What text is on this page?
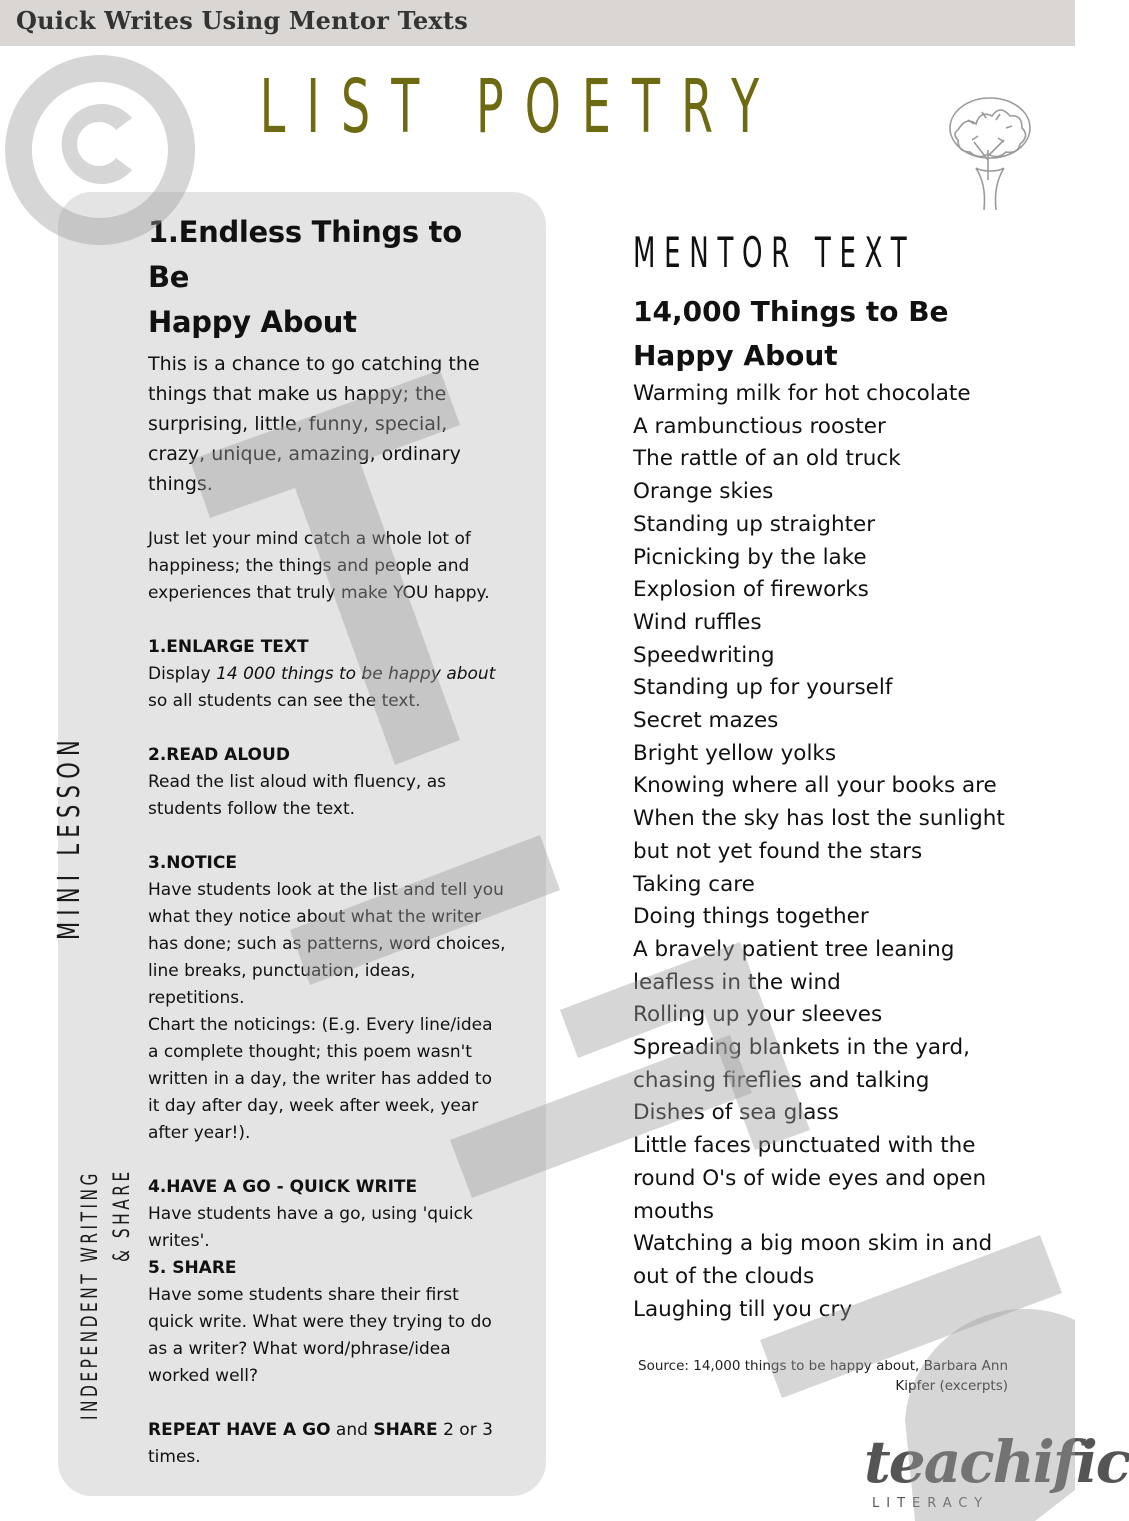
Quick Writes Using Mentor Texts
LIST POETRY
MINI LESSON
INDEPENDENT WRITING & SHARE
1.Endless Things to Be
Happy About

This is a chance to go catching the things that make us happy; the surprising, little, funny, special, crazy, unique, amazing, ordinary things.

Just let your mind catch a whole lot of happiness; the things and people and experiences that truly make YOU happy.

1.ENLARGE TEXT

Display 14 000 things to be happy about so all students can see the text.

2.READ ALOUD

Read the list aloud with fluency, as students follow the text.

3.NOTICE

Have students look at the list and tell you what they notice about what the writer has done; such as patterns, word choices, line breaks, punctuation, ideas, repetitions.

Chart the noticings: (E.g. Every line/idea a complete thought; this poem wasn't written in a day, the writer has added to it day after day, week after week, year after year!).

4.HAVE A GO - QUICK WRITE

Have students have a go, using 'quick writes'.

5. SHARE

Have some students share their first quick write. What were they trying to do as a writer? What word/phrase/idea worked well?

REPEAT HAVE A GO and SHARE 2 or 3 times.

MENTOR TEXT
14,000 Things to Be
Happy About
Warming milk for hot chocolate
A rambunctious rooster
The rattle of an old truck
Orange skies
Standing up straighter
Picnicking by the lake
Explosion of fireworks
Wind ruffles
Speedwriting
Standing up for yourself
Secret mazes
Bright yellow yolks
Knowing where all your books are
When the sky has lost the sunlight
but not yet found the stars
Taking care
Doing things together
A bravely patient tree leaning
leafless in the wind
Rolling up your sleeves
Spreading blankets in the yard,
chasing fireflies and talking
Dishes of sea glass
Little faces punctuated with the
round O's of wide eyes and open
mouths
Watching a big moon skim in and
out of the clouds
Laughing till you cry
Source: 14,000 things to be happy about, Barbara Ann
Kipfer (excerpts)
teachific
LITERACY
